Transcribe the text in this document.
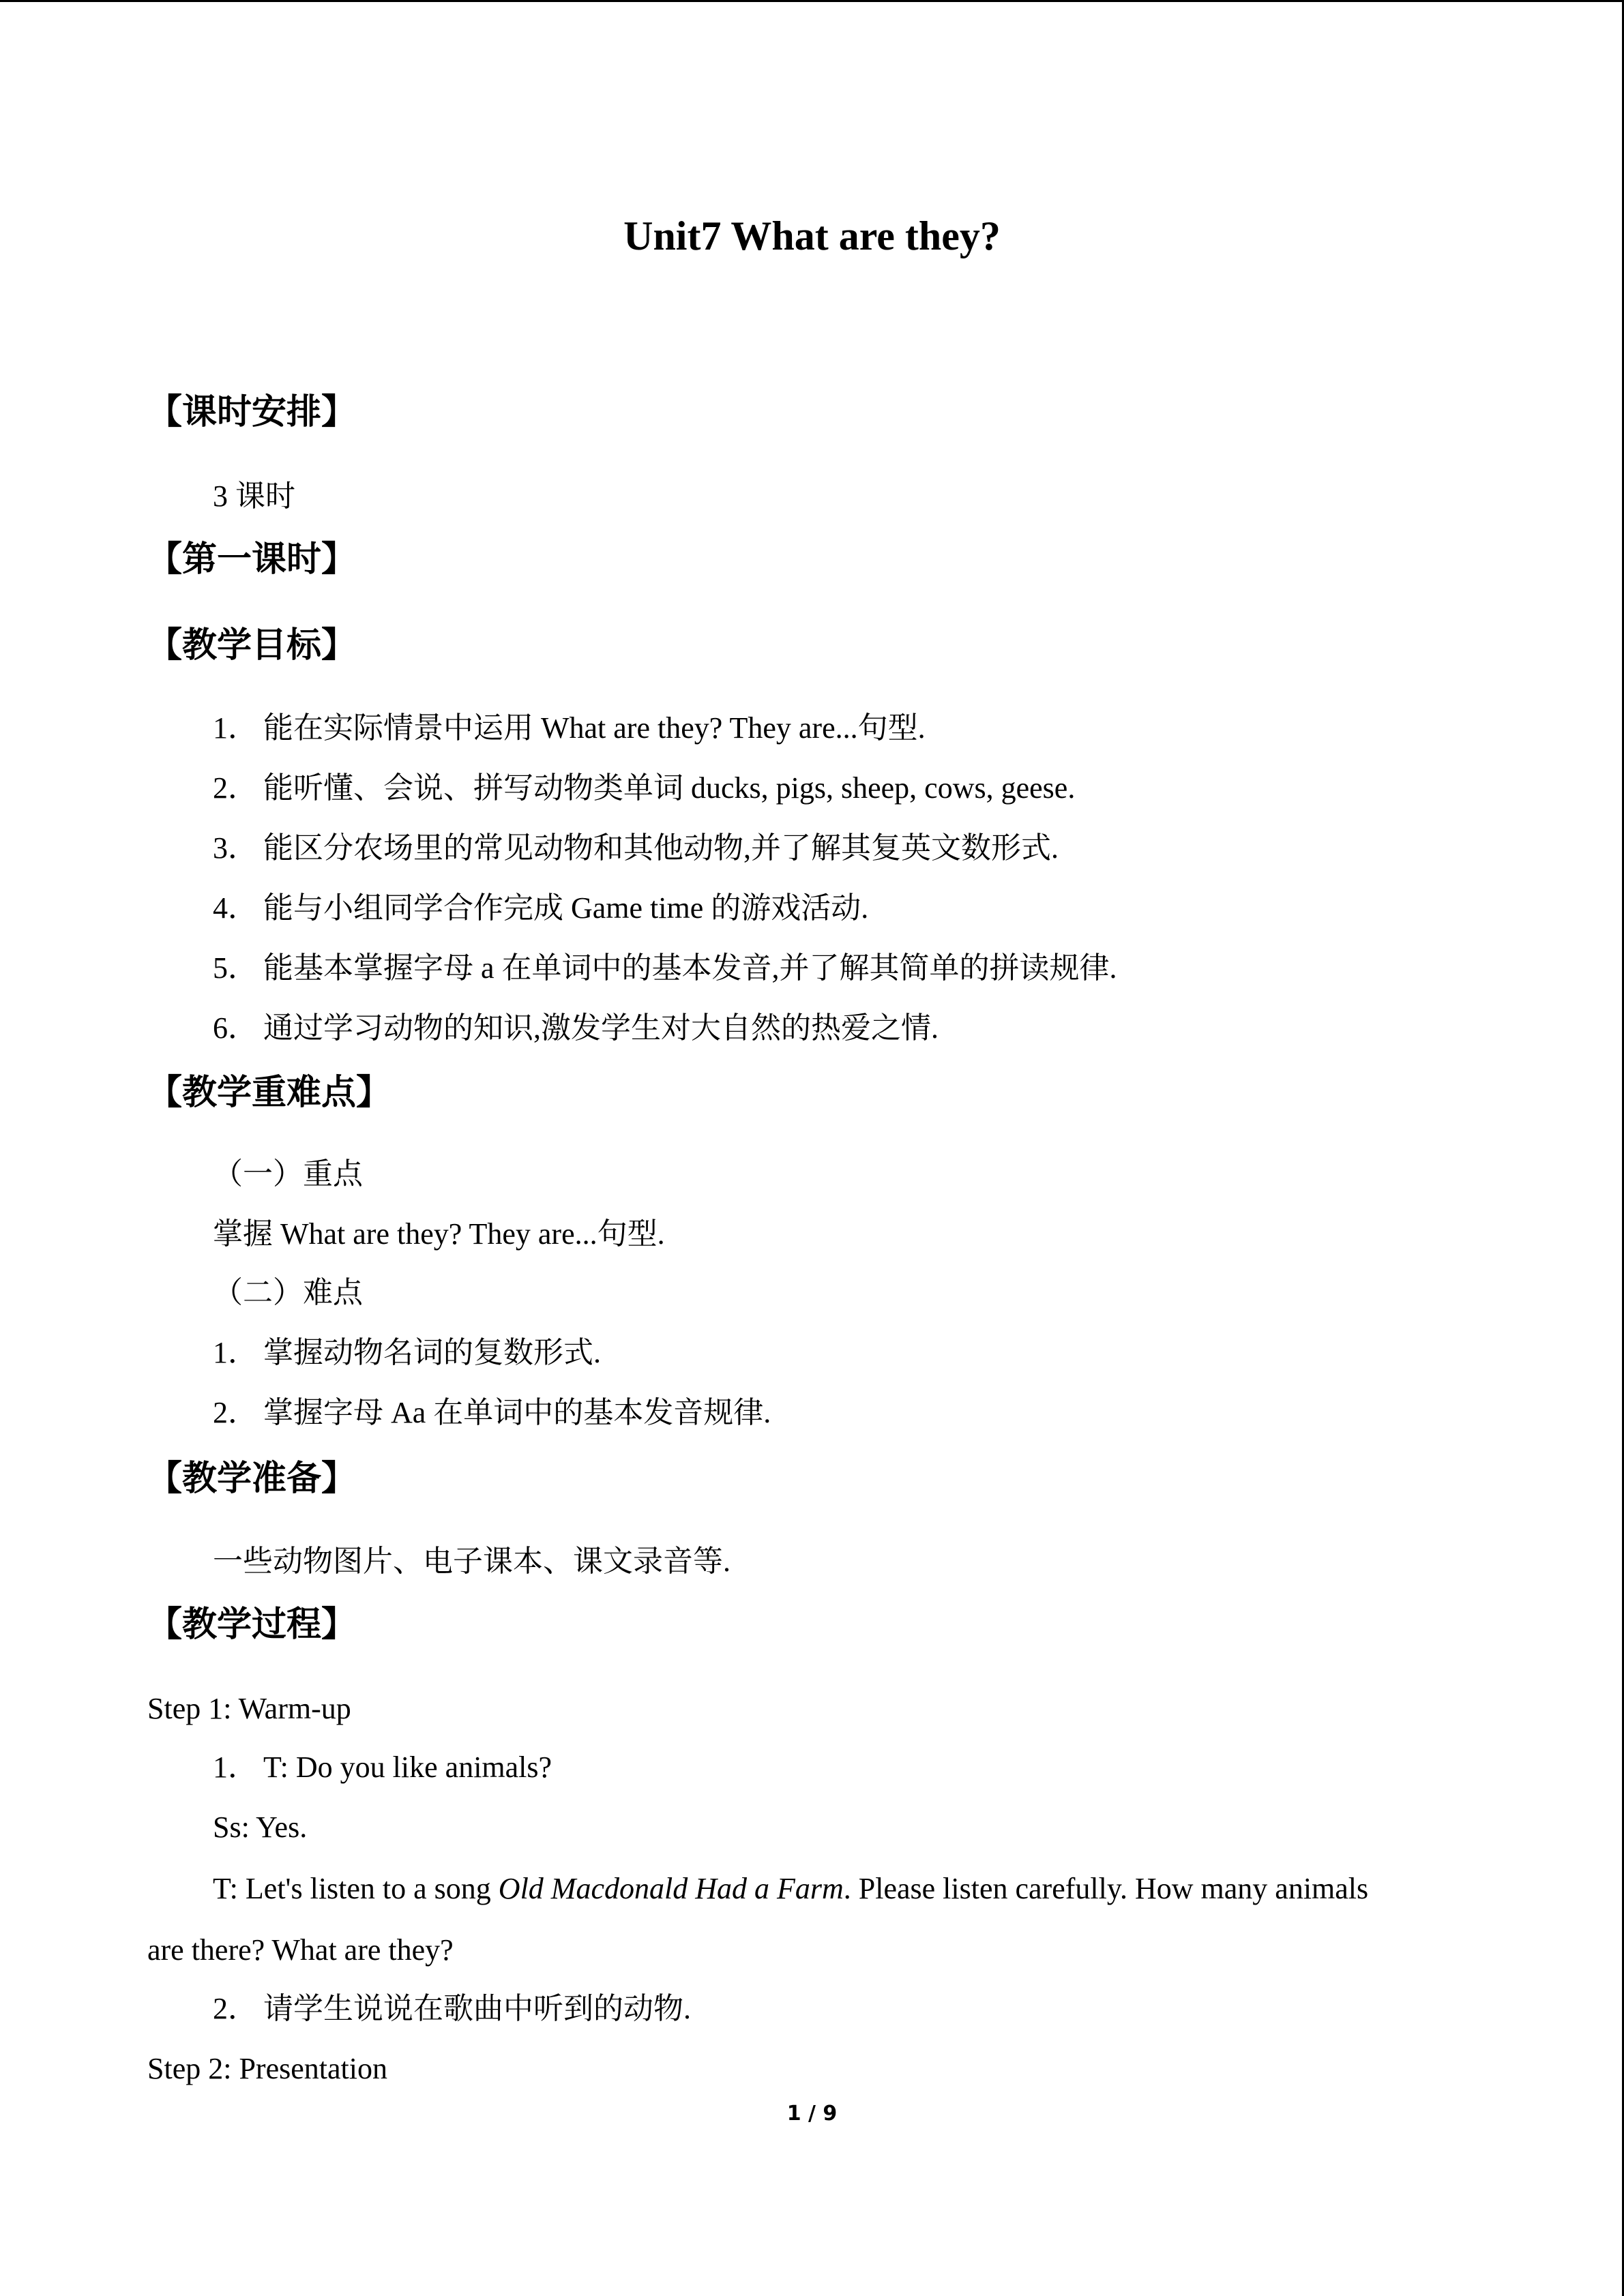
Unit7 What are they?
【课时安排】
3 课时
【第一课时】
【教学目标】
1． 能在实际情景中运用 What are they? They are...句型.
2． 能听懂、会说、拼写动物类单词 ducks, pigs, sheep, cows, geese.
3． 能区分农场里的常见动物和其他动物,并了解其复英文数形式.
4． 能与小组同学合作完成 Game time 的游戏活动.
5． 能基本掌握字母 a 在单词中的基本发音,并了解其简单的拼读规律.
6． 通过学习动物的知识,激发学生对大自然的热爱之情.
【教学重难点】
（一）重点
掌握 What are they? They are...句型.
（二）难点
1． 掌握动物名词的复数形式.
2． 掌握字母 Aa 在单词中的基本发音规律.
【教学准备】
一些动物图片、电子课本、课文录音等.
【教学过程】
Step 1: Warm-up
1． T: Do you like animals?
Ss: Yes.
T: Let's listen to a song Old Macdonald Had a Farm. Please listen carefully. How many animals
are there? What are they?
2． 请学生说说在歌曲中听到的动物.
Step 2: Presentation
1 / 9
